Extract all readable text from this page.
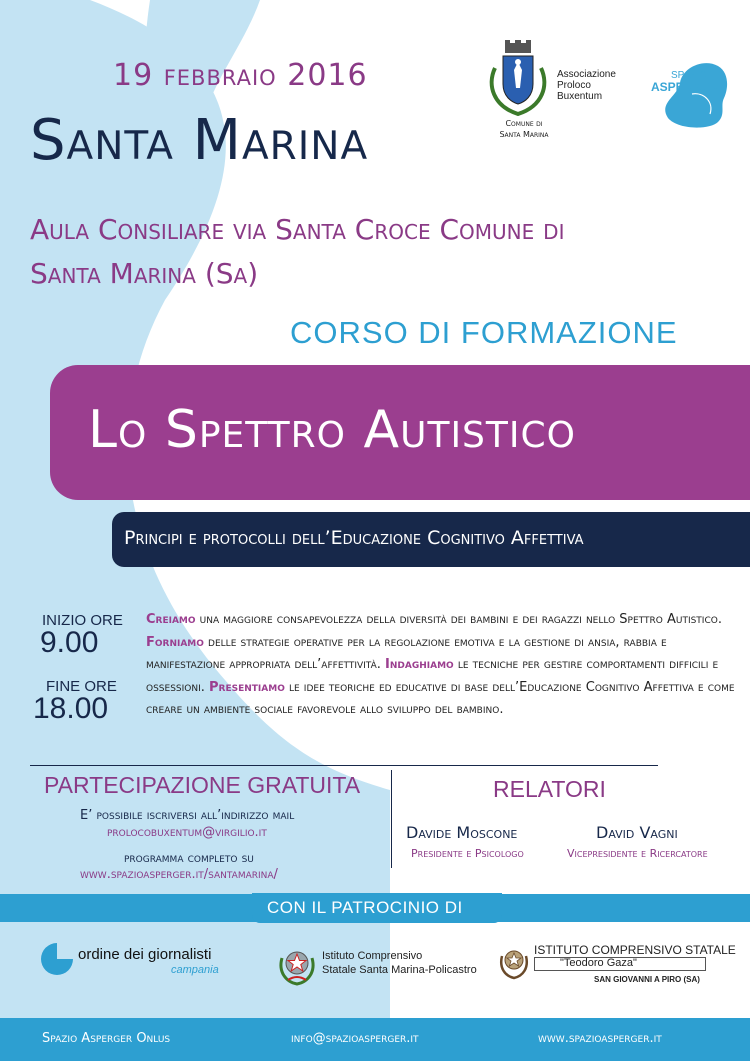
19 febbraio 2016
Santa Marina
Aula Consiliare via Santa Croce Comune di
Santa Marina (Sa)
Comune di
Santa Marina
Associazione
Proloco
Buxentum
SPAZIO
ASPERGER
CORSO DI FORMAZIONE
Lo Spettro Autistico
Principi e protocolli dell’Educazione Cognitivo Affettiva
INIZIO ORE
9.00
FINE ORE
18.00
Creiamo una maggiore consapevolezza della diversità dei bambini e dei ragazzi nello Spettro Autistico. Forniamo delle strategie operative per la regolazione emotiva e la gestione di ansia, rabbia e manifestazione appropriata dell’affettività. Indaghiamo le tecniche per gestire comportamenti difficili e ossessioni. Presentiamo le idee teoriche ed educative di base dell’Educazione Cognitivo Affettiva e come creare un ambiente sociale favorevole allo sviluppo del bambino.
PARTECIPAZIONE GRATUITA
E’ possibile iscriversi all’indirizzo mail
prolocobuxentum@virgilio.it
programma completo su
www.spazioasperger.it/santamarina/
RELATORI
Davide Moscone
Presidente e Psicologo
David Vagni
Vicepresidente e Ricercatore
CON IL PATROCINIO DI
ordine dei giornalisti
campania
Istituto Comprensivo
Statale Santa Marina-Policastro
ISTITUTO COMPRENSIVO STATALE
"Teodoro Gaza"
SAN GIOVANNI A PIRO (SA)
Spazio Asperger Onlus	info@spazioasperger.it	www.spazioasperger.it
